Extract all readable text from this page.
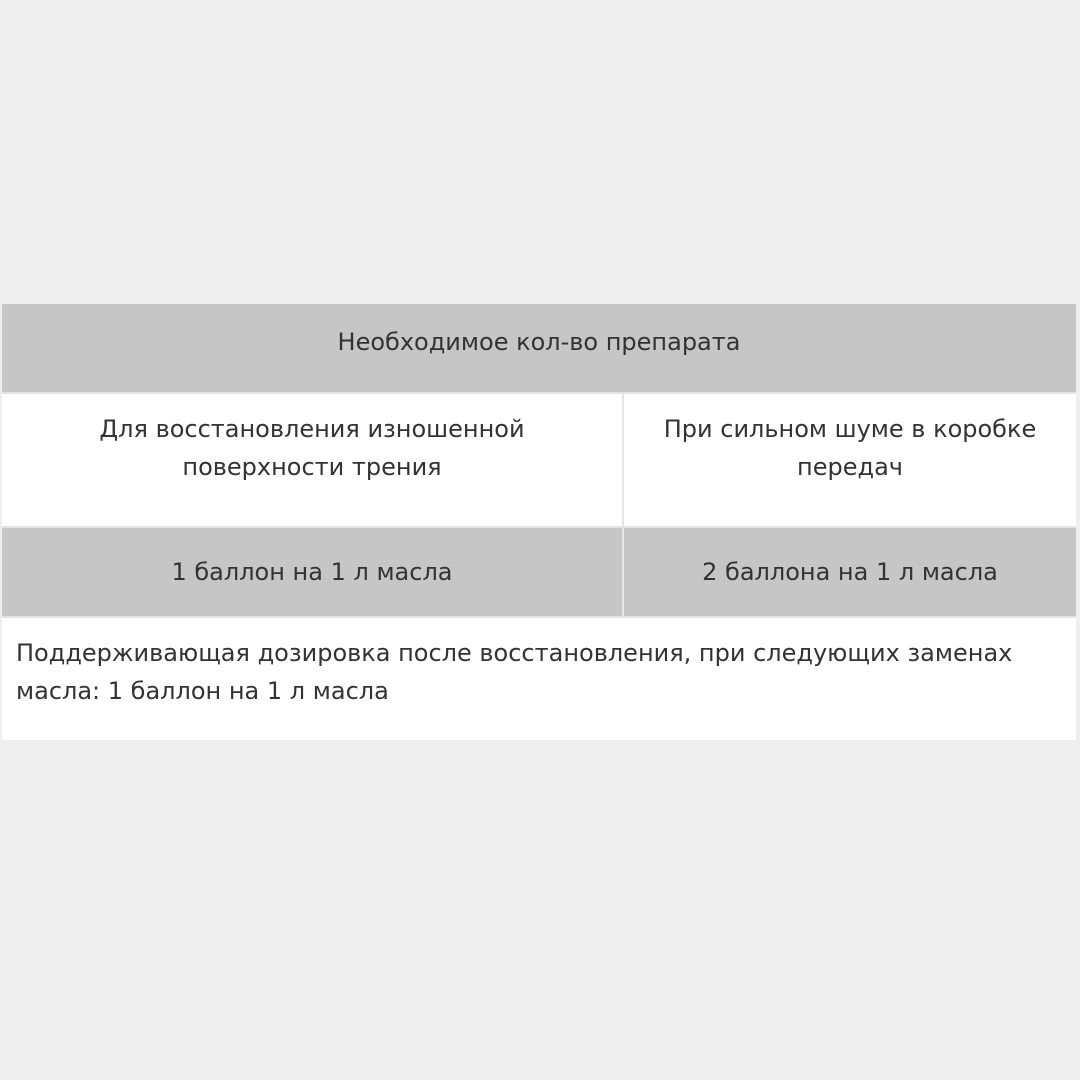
Необходимое кол-во препарата
Для восстановления изношенной поверхности трения
При сильном шуме в коробке передач
1 баллон на 1 л масла	2 баллона на 1 л масла
Поддерживающая дозировка после восстановления, при следующих заменах масла: 1 баллон на 1 л масла
